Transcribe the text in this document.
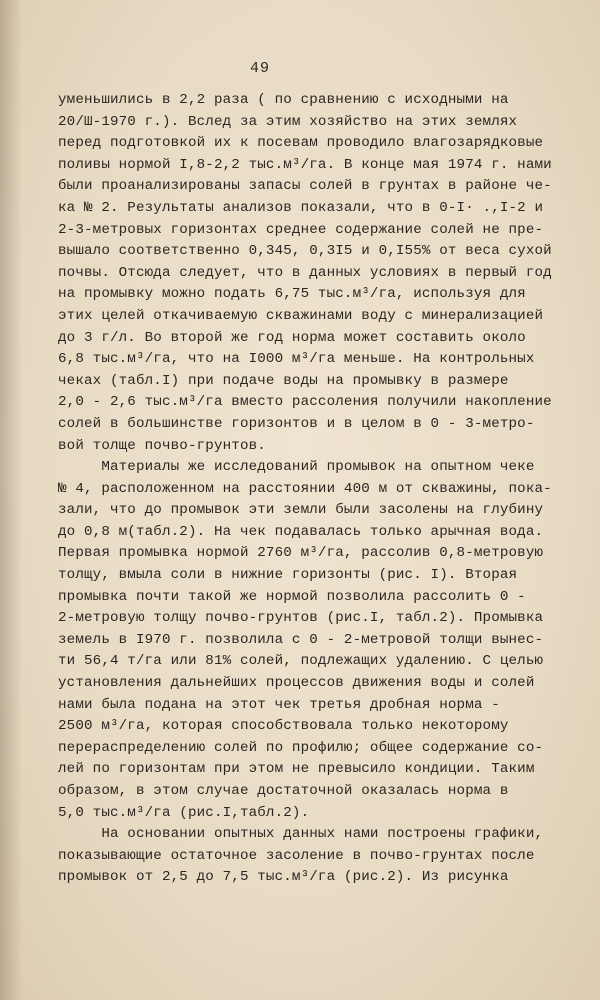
49
уменьшились в 2,2 раза ( по сравнению с исходными на
20/Ш-1970 г.). Вслед за этим хозяйство на этих землях
перед подготовкой их к посевам проводило влагозарядковые
поливы нормой I,8-2,2 тыс.м³/га. В конце мая 1974 г. нами
были проанализированы запасы солей в грунтах в районе че-
ка № 2. Результаты анализов показали, что в 0-I· .,I-2 и
2-3-метровых горизонтах среднее содержание солей не пре-
вышало соответственно 0,345, 0,3I5 и 0,I55% от веса сухой
почвы. Отсюда следует, что в данных условиях в первый год
на промывку можно подать 6,75 тыс.м³/га, используя для
этих целей откачиваемую скважинами воду с минерализацией
до 3 г/л. Во второй же год норма может составить около
6,8 тыс.м³/га, что на I000 м³/га меньше. На контрольных
чеках (табл.I) при подаче воды на промывку в размере
2,0 - 2,6 тыс.м³/га вместо рассоления получили накопление
солей в большинстве горизонтов и в целом в 0 - 3-метро-
вой толще почво-грунтов.
Материалы же исследований промывок на опытном чеке
№ 4, расположенном на расстоянии 400 м от скважины, пока-
зали, что до промывок эти земли были засолены на глубину
до 0,8 м(табл.2). На чек подавалась только арычная вода.
Первая промывка нормой 2760 м³/га, рассолив 0,8-метровую
толщу, вмыла соли в нижние горизонты (рис. I). Вторая
промывка почти такой же нормой позволила рассолить 0 -
2-метровую толщу почво-грунтов (рис.I, табл.2). Промывка
земель в I970 г. позволила с 0 - 2-метровой толщи вынес-
ти 56,4 т/га или 81% солей, подлежащих удалению. С целью
установления дальнейших процессов движения воды и солей
нами была подана на этот чек третья дробная норма -
2500 м³/га, которая способствовала только некоторому
перераспределению солей по профилю; общее содержание со-
лей по горизонтам при этом не превысило кондиции. Таким
образом, в этом случае достаточной оказалась норма в
5,0 тыс.м³/га (рис.I,табл.2).
На основании опытных данных нами построены графики,
показывающие остаточное засоление в почво-грунтах после
промывок от 2,5 до 7,5 тыс.м³/га (рис.2). Из рисунка
